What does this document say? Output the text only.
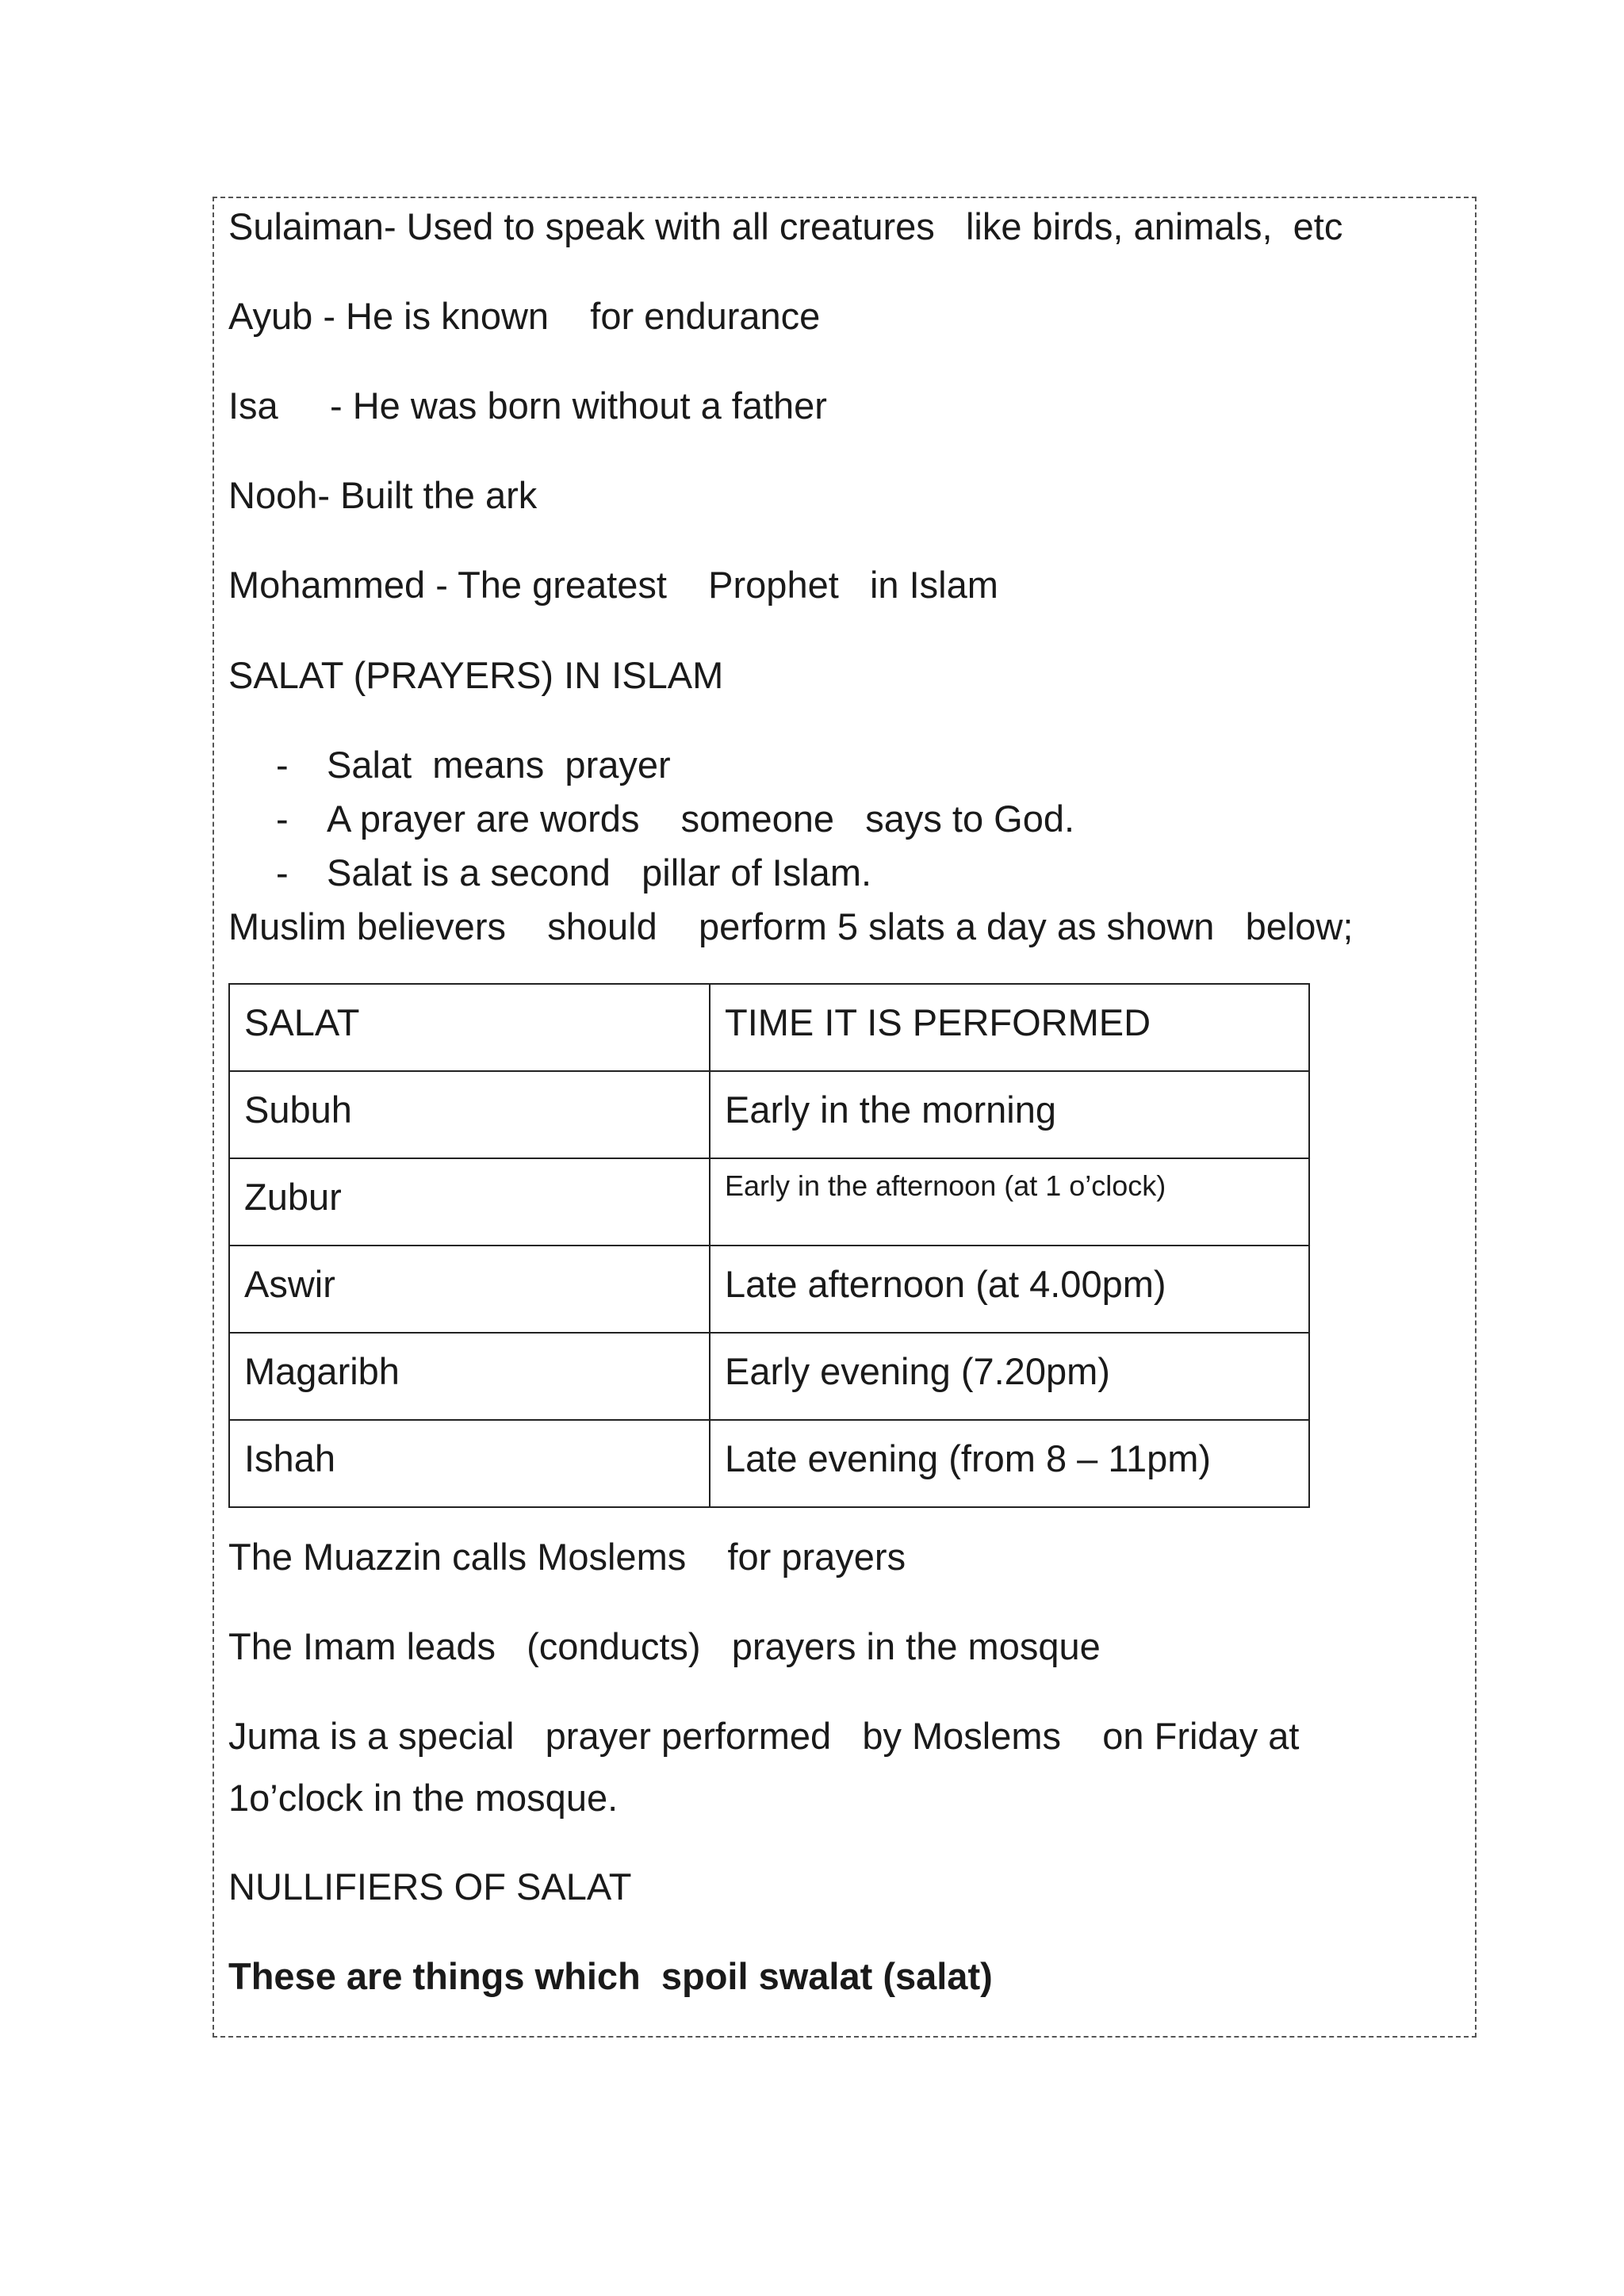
Sulaiman- Used to speak with all creatures   like birds, animals,  etc
Ayub - He is known    for endurance
Isa     - He was born without a father
Nooh- Built the ark
Mohammed - The greatest    Prophet   in Islam
SALAT (PRAYERS) IN ISLAM

-

Salat  means  prayer

-

A prayer are words    someone   says to God.

-

Salat is a second   pillar of Islam.

Muslim believers    should    perform 5 slats a day as shown   below;
SALAT	TIME IT IS PERFORMED
Subuh	Early in the morning
Zubur	Early in the afternoon (at 1 o’clock)
Aswir	Late afternoon (at 4.00pm)
Magaribh	Early evening (7.20pm)
Ishah	Late evening (from 8 – 11pm)
The Muazzin calls Moslems    for prayers
The Imam leads   (conducts)   prayers in the mosque
Juma is a special   prayer performed   by Moslems    on Friday at
1o’clock in the mosque.
NULLIFIERS OF SALAT
These are things which  spoil swalat (salat)
